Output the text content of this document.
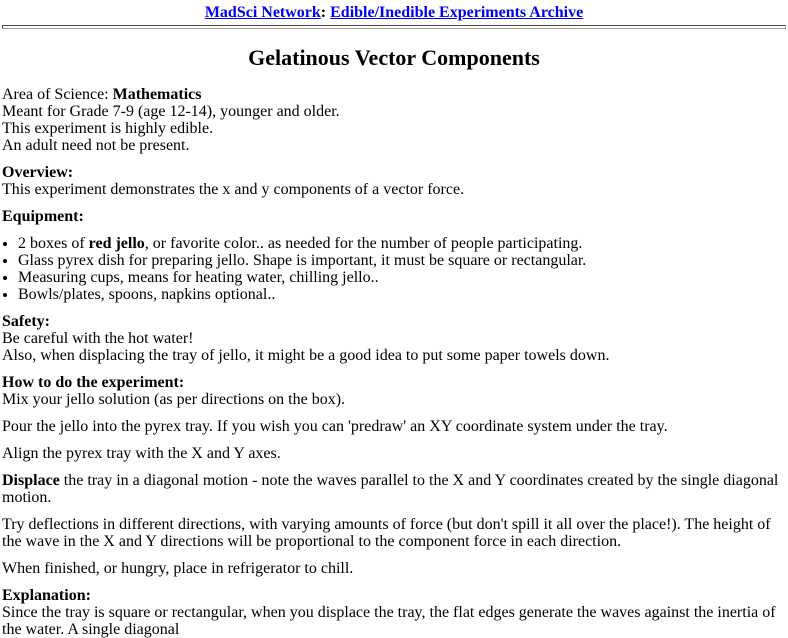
MadSci Network: Edible/Inedible Experiments Archive
Gelatinous Vector Components

Area of Science: Mathematics
Meant for Grade 7-9 (age 12-14), younger and older.
This experiment is highly edible.
An adult need not be present.

Overview:
This experiment demonstrates the x and y components of a vector force.

Equipment:

• 2 boxes of red jello, or favorite color.. as needed for the number of people participating.
• Glass pyrex dish for preparing jello. Shape is important, it must be square or rectangular.
• Measuring cups, means for heating water, chilling jello..
• Bowls/plates, spoons, napkins optional..

Safety:
Be careful with the hot water!
Also, when displacing the tray of jello, it might be a good idea to put some paper towels down.

How to do the experiment:
Mix your jello solution (as per directions on the box).

Pour the jello into the pyrex tray. If you wish you can 'predraw' an XY coordinate system under the tray.

Align the pyrex tray with the X and Y axes.

Displace the tray in a diagonal motion - note the waves parallel to the X and Y coordinates created by the single diagonal motion.

Try deflections in different directions, with varying amounts of force (but don't spill it all over the place!). The height of the wave in the X and Y directions will be proportional to the component force in each direction.

When finished, or hungry, place in refrigerator to chill.

Explanation:
Since the tray is square or rectangular, when you displace the tray, the flat edges generate the waves against the inertia of the water. A single diagonal
